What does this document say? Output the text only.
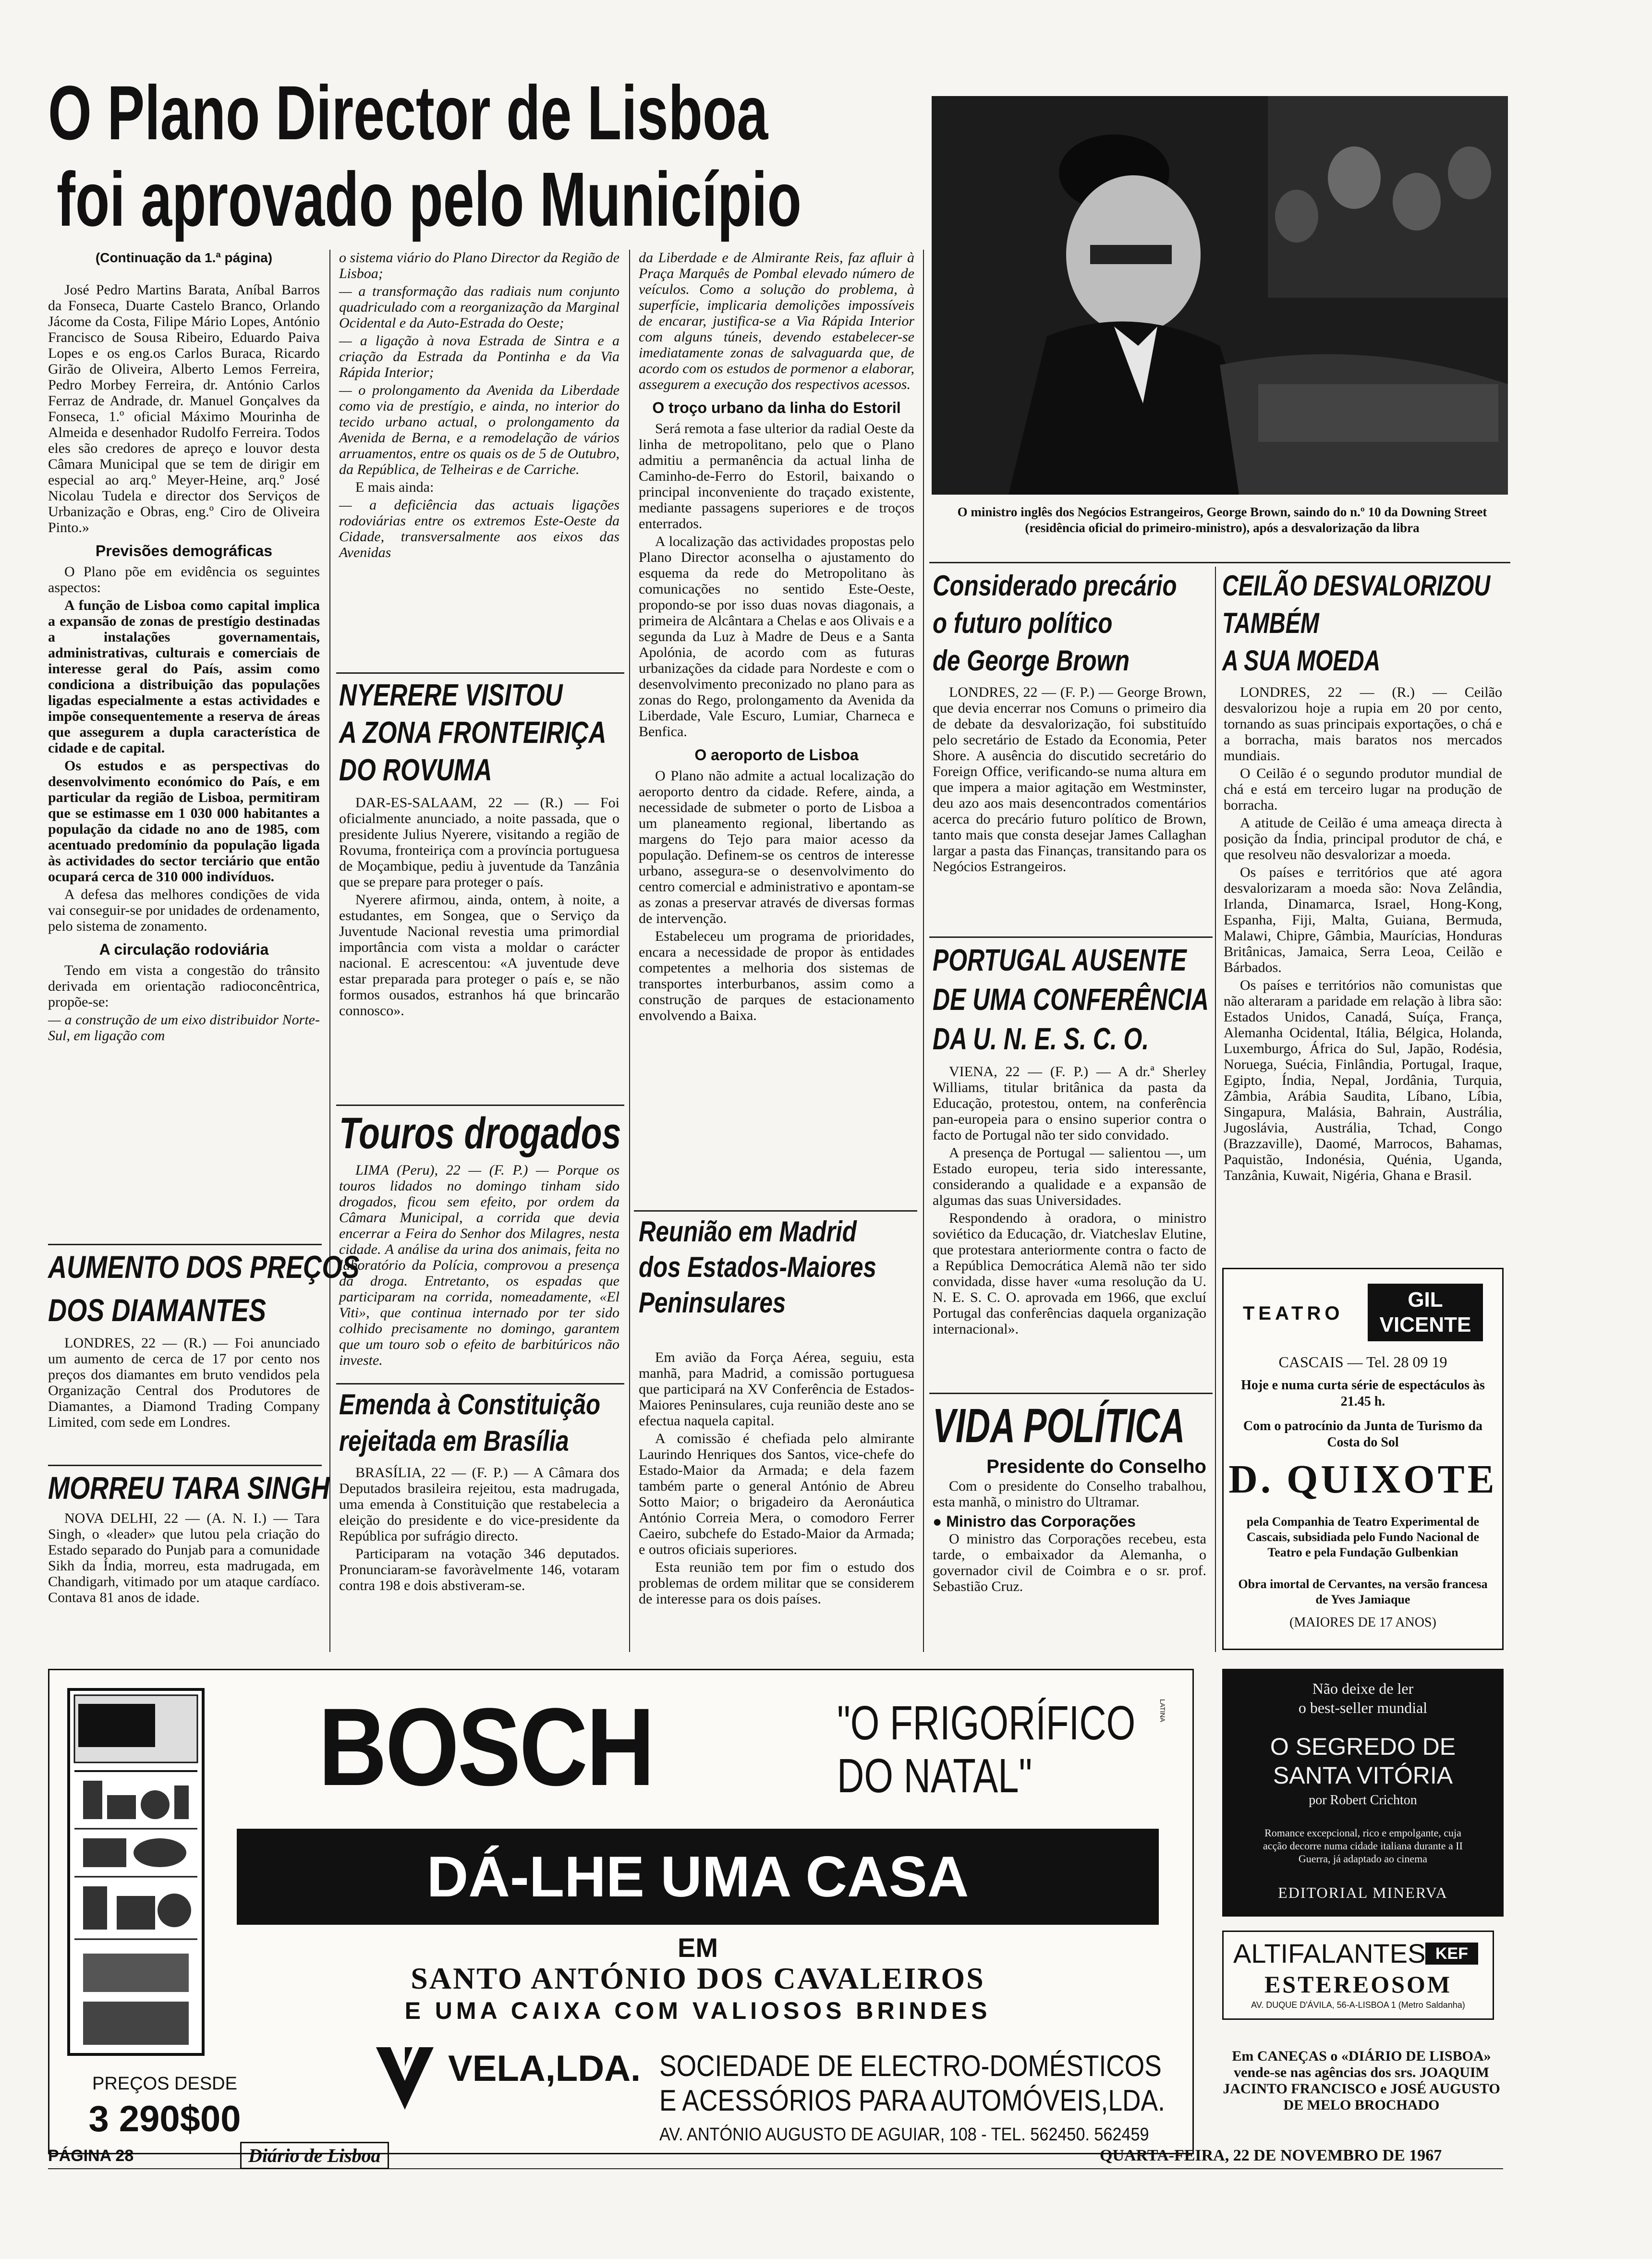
O Plano Director de Lisboa
foi aprovado pelo Município

(Continuação da 1.ª página)

José Pedro Martins Barata, Aníbal Barros da Fonseca, Duarte Castelo Branco, Orlando Jácome da Costa, Filipe Mário Lopes, António Francisco de Sousa Ribeiro, Eduardo Paiva Lopes e os eng.os Carlos Buraca, Ricardo Girão de Oliveira, Alberto Lemos Ferreira, Pedro Morbey Ferreira, dr. António Carlos Ferraz de Andrade, dr. Manuel Gonçalves da Fonseca, 1.º oficial Máximo Mourinha de Almeida e desenhador Rudolfo Ferreira. Todos eles são credores de apreço e louvor desta Câmara Municipal que se tem de dirigir em especial ao arq.º Meyer-Heine, arq.º José Nicolau Tudela e director dos Serviços de Urbanização e Obras, eng.º Ciro de Oliveira Pinto.»

Previsões demográficas

O Plano põe em evidência os seguintes aspectos:

A função de Lisboa como capital implica a expansão de zonas de prestígio destinadas a instalações governamentais, administrativas, culturais e comerciais de interesse geral do País, assim como condiciona a distribuição das populações ligadas especialmente a estas actividades e impõe consequentemente a reserva de áreas que assegurem a dupla característica de cidade e de capital.

Os estudos e as perspectivas do desenvolvimento económico do País, e em particular da região de Lisboa, permitiram que se estimasse em 1 030 000 habitantes a população da cidade no ano de 1985, com acentuado predomínio da população ligada às actividades do sector terciário que então ocupará cerca de 310 000 indivíduos.

A defesa das melhores condições de vida vai conseguir-se por unidades de ordenamento, pelo sistema de zonamento.

A circulação rodoviária

Tendo em vista a congestão do trânsito derivada em orientação radioconcêntrica, propõe-se:

— a construção de um eixo distribuidor Norte-Sul, em ligação com

AUMENTO DOS PREÇOS
DOS DIAMANTES

LONDRES, 22 — (R.) — Foi anunciado um aumento de cerca de 17 por cento nos preços dos diamantes em bruto vendidos pela Organização Central dos Produtores de Diamantes, a Diamond Trading Company Limited, com sede em Londres.

MORREU TARA SINGH

NOVA DELHI, 22 — (A. N. I.) — Tara Singh, o «leader» que lutou pela criação do Estado separado do Punjab para a comunidade Sikh da Índia, morreu, esta madrugada, em Chandigarh, vitimado por um ataque cardíaco. Contava 81 anos de idade.

o sistema viário do Plano Director da Região de Lisboa;

— a transformação das radiais num conjunto quadriculado com a reorganização da Marginal Ocidental e da Auto-Estrada do Oeste;

— a ligação à nova Estrada de Sintra e a criação da Estrada da Pontinha e da Via Rápida Interior;

— o prolongamento da Avenida da Liberdade como via de prestígio, e ainda, no interior do tecido urbano actual, o prolongamento da Avenida de Berna, e a remodelação de vários arruamentos, entre os quais os de 5 de Outubro, da República, de Telheiras e de Carriche.

E mais ainda:

— a deficiência das actuais ligações rodoviárias entre os extremos Este-Oeste da Cidade, transversalmente aos eixos das Avenidas

NYERERE VISITOU
A ZONA FRONTEIRIÇA
DO ROVUMA

DAR-ES-SALAAM, 22 — (R.) — Foi oficialmente anunciado, a noite passada, que o presidente Julius Nyerere, visitando a região de Rovuma, fronteiriça com a província portuguesa de Moçambique, pediu à juventude da Tanzânia que se prepare para proteger o país.

Nyerere afirmou, ainda, ontem, à noite, a estudantes, em Songea, que o Serviço da Juventude Nacional revestia uma primordial importância com vista a moldar o carácter nacional. E acrescentou: «A juventude deve estar preparada para proteger o país e, se não formos ousados, estranhos há que brincarão connosco».

Touros drogados

LIMA (Peru), 22 — (F. P.) — Porque os touros lidados no domingo tinham sido drogados, ficou sem efeito, por ordem da Câmara Municipal, a corrida que devia encerrar a Feira do Senhor dos Milagres, nesta cidade. A análise da urina dos animais, feita no laboratório da Polícia, comprovou a presença da droga. Entretanto, os espadas que participaram na corrida, nomeadamente, «El Viti», que continua internado por ter sido colhido precisamente no domingo, garantem que um touro sob o efeito de barbitúricos não investe.

Emenda à Constituição
rejeitada em Brasília

BRASÍLIA, 22 — (F. P.) — A Câmara dos Deputados brasileira rejeitou, esta madrugada, uma emenda à Constituição que restabelecia a eleição do presidente e do vice-presidente da República por sufrágio directo.

Participaram na votação 346 deputados. Pronunciaram-se favoràvelmente 146, votaram contra 198 e dois abstiveram-se.

da Liberdade e de Almirante Reis, faz afluir à Praça Marquês de Pombal elevado número de veículos. Como a solução do problema, à superfície, implicaria demolições impossíveis de encarar, justifica-se a Via Rápida Interior com alguns túneis, devendo estabelecer-se imediatamente zonas de salvaguarda que, de acordo com os estudos de pormenor a elaborar, assegurem a execução dos respectivos acessos.

O troço urbano da linha do Estoril

Será remota a fase ulterior da radial Oeste da linha de metropolitano, pelo que o Plano admitiu a permanência da actual linha de Caminho-de-Ferro do Estoril, baixando o principal inconveniente do traçado existente, mediante passagens superiores e de troços enterrados.

A localização das actividades propostas pelo Plano Director aconselha o ajustamento do esquema da rede do Metropolitano às comunicações no sentido Este-Oeste, propondo-se por isso duas novas diagonais, a primeira de Alcântara a Chelas e aos Olivais e a segunda da Luz à Madre de Deus e a Santa Apolónia, de acordo com as futuras urbanizações da cidade para Nordeste e com o desenvolvimento preconizado no plano para as zonas do Rego, prolongamento da Avenida da Liberdade, Vale Escuro, Lumiar, Charneca e Benfica.

O aeroporto de Lisboa

O Plano não admite a actual localização do aeroporto dentro da cidade. Refere, ainda, a necessidade de submeter o porto de Lisboa a um planeamento regional, libertando as margens do Tejo para maior acesso da população. Definem-se os centros de interesse urbano, assegura-se o desenvolvimento do centro comercial e administrativo e apontam-se as zonas a preservar através de diversas formas de intervenção.

Estabeleceu um programa de prioridades, encara a necessidade de propor às entidades competentes a melhoria dos sistemas de transportes interburbanos, assim como a construção de parques de estacionamento envolvendo a Baixa.

Reunião em Madrid
dos Estados-Maiores
Peninsulares

Em avião da Força Aérea, seguiu, esta manhã, para Madrid, a comissão portuguesa que participará na XV Conferência de Estados-Maiores Peninsulares, cuja reunião deste ano se efectua naquela capital.

A comissão é chefiada pelo almirante Laurindo Henriques dos Santos, vice-chefe do Estado-Maior da Armada; e dela fazem também parte o general António de Abreu Sotto Maior; o brigadeiro da Aeronáutica António Correia Mera, o comodoro Ferrer Caeiro, subchefe do Estado-Maior da Armada; e outros oficiais superiores.

Esta reunião tem por fim o estudo dos problemas de ordem militar que se considerem de interesse para os dois países.

O ministro inglês dos Negócios Estrangeiros, George Brown, saindo do n.º 10 da Downing Street (residência oficial do primeiro-ministro), após a desvalorização da libra
Considerado precário
o futuro político
de George Brown

LONDRES, 22 — (F. P.) — George Brown, que devia encerrar nos Comuns o primeiro dia de debate da desvalorização, foi substituído pelo secretário de Estado da Economia, Peter Shore. A ausência do discutido secretário do Foreign Office, verificando-se numa altura em que impera a maior agitação em Westminster, deu azo aos mais desencontrados comentários acerca do precário futuro político de Brown, tanto mais que consta desejar James Callaghan largar a pasta das Finanças, transitando para os Negócios Estrangeiros.

PORTUGAL AUSENTE
DE UMA CONFERÊNCIA
DA U. N. E. S. C. O.

VIENA, 22 — (F. P.) — A dr.ª Sherley Williams, titular britânica da pasta da Educação, protestou, ontem, na conferência pan-europeia para o ensino superior contra o facto de Portugal não ter sido convidado.

A presença de Portugal — salientou —, um Estado europeu, teria sido interessante, considerando a qualidade e a expansão de algumas das suas Universidades.

Respondendo à oradora, o ministro soviético da Educação, dr. Viatcheslav Elutine, que protestara anteriormente contra o facto de a República Democrática Alemã não ter sido convidada, disse haver «uma resolução da U. N. E. S. C. O. aprovada em 1966, que excluí Portugal das conferências daquela organização internacional».

VIDA POLÍTICA
Presidente do Conselho

Com o presidente do Conselho trabalhou, esta manhã, o ministro do Ultramar.

● Ministro das Corporações

O ministro das Corporações recebeu, esta tarde, o embaixador da Alemanha, o governador civil de Coimbra e o sr. prof. Sebastião Cruz.

CEILÃO DESVALORIZOU
TAMBÉM
A SUA MOEDA

LONDRES, 22 — (R.) — Ceilão desvalorizou hoje a rupia em 20 por cento, tornando as suas principais exportações, o chá e a borracha, mais baratos nos mercados mundiais.

O Ceilão é o segundo produtor mundial de chá e está em terceiro lugar na produção de borracha.

A atitude de Ceilão é uma ameaça directa à posição da Índia, principal produtor de chá, e que resolveu não desvalorizar a moeda.

Os países e territórios que até agora desvalorizaram a moeda são: Nova Zelândia, Irlanda, Dinamarca, Israel, Hong-Kong, Espanha, Fiji, Malta, Guiana, Bermuda, Malawi, Chipre, Gâmbia, Maurícias, Honduras Britânicas, Jamaica, Serra Leoa, Ceilão e Bárbados.

Os países e territórios não comunistas que não alteraram a paridade em relação à libra são: Estados Unidos, Canadá, Suíça, França, Alemanha Ocidental, Itália, Bélgica, Holanda, Luxemburgo, África do Sul, Japão, Rodésia, Noruega, Suécia, Finlândia, Portugal, Iraque, Egipto, Índia, Nepal, Jordânia, Turquia, Zâmbia, Arábia Saudita, Líbano, Líbia, Singapura, Malásia, Bahrain, Austrália, Jugoslávia, Austrália, Tchad, Congo (Brazzaville), Daomé, Marrocos, Bahamas, Paquistão, Indonésia, Quénia, Uganda, Tanzânia, Kuwait, Nigéria, Ghana e Brasil.

TEATRO
GIL
VICENTE
CASCAIS — Tel. 28 09 19
Hoje e numa curta série de espectáculos às 21.45 h.
Com o patrocínio da Junta de Turismo da Costa do Sol
D. QUIXOTE
pela Companhia de Teatro Experimental de Cascais, subsidiada pelo Fundo Nacional de Teatro e pela Fundação Gulbenkian
Obra imortal de Cervantes, na versão francesa de Yves Jamiaque
(MAIORES DE 17 ANOS)
BOSCH	"O FRIGORÍFICO
DO NATAL"
DÁ-LHE UMA CASA
EM
SANTO ANTÓNIO DOS CAVALEIROS
E UMA CAIXA COM VALIOSOS BRINDES
VELA,LDA. SOCIEDADE DE ELECTRO-DOMÉSTICOS
E ACESSÓRIOS PARA AUTOMÓVEIS,LDA.
AV. ANTÓNIO AUGUSTO DE AGUIAR, 108 - TEL. 562450. 562459
PREÇOS DESDE
3 290$00
LATINA
Não deixe de ler
o best-seller mundial
O SEGREDO DE
SANTA VITÓRIA
por Robert Crichton
Romance excepcional, rico e empolgante, cuja acção decorre numa cidade italiana durante a II Guerra, já adaptado ao cinema
EDITORIAL MINERVA
ALTIFALANTES KEF
ESTEREOSOM
AV. DUQUE D'ÁVILA, 56-A-LISBOA 1 (Metro Saldanha)
Em CANEÇAS o «DIÁRIO DE LISBOA» vende-se nas agências dos srs. JOAQUIM JACINTO FRANCISCO e JOSÉ AUGUSTO DE MELO BROCHADO
PÁGINA 28	Diário de Lisboa	QUARTA-FEIRA, 22 DE NOVEMBRO DE 1967
